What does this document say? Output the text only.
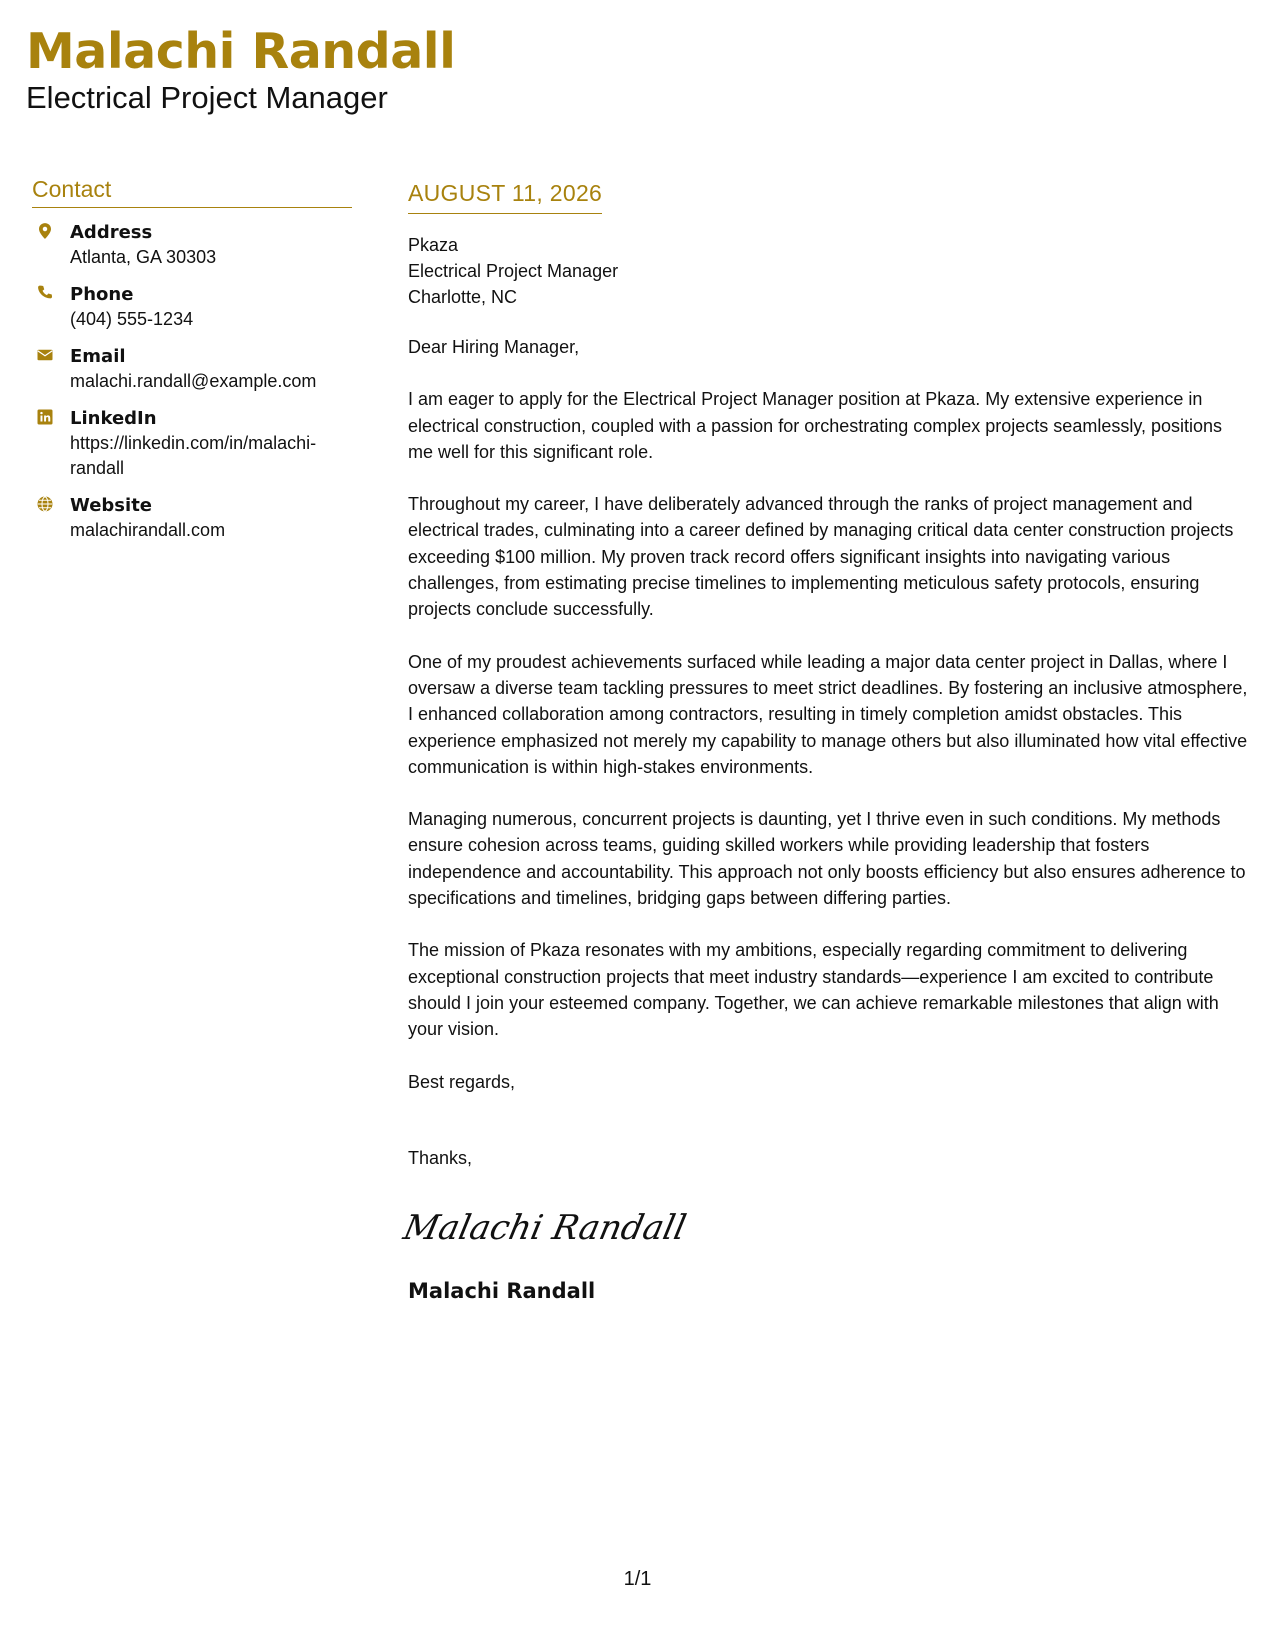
Malachi Randall
Electrical Project Manager
Contact
Address
Atlanta, GA 30303
Phone
(404) 555-1234
Email
malachi.randall@example.com
LinkedIn
https://linkedin.com/in/malachi-randall
Website
malachirandall.com
AUGUST 11, 2026
Pkaza
Electrical Project Manager
Charlotte, NC
Dear Hiring Manager,
I am eager to apply for the Electrical Project Manager position at Pkaza. My extensive experience in electrical construction, coupled with a passion for orchestrating complex projects seamlessly, positions me well for this significant role.
Throughout my career, I have deliberately advanced through the ranks of project management and electrical trades, culminating into a career defined by managing critical data center construction projects exceeding $100 million. My proven track record offers significant insights into navigating various challenges, from estimating precise timelines to implementing meticulous safety protocols, ensuring projects conclude successfully.
One of my proudest achievements surfaced while leading a major data center project in Dallas, where I oversaw a diverse team tackling pressures to meet strict deadlines. By fostering an inclusive atmosphere, I enhanced collaboration among contractors, resulting in timely completion amidst obstacles. This experience emphasized not merely my capability to manage others but also illuminated how vital effective communication is within high-stakes environments.
Managing numerous, concurrent projects is daunting, yet I thrive even in such conditions. My methods ensure cohesion across teams, guiding skilled workers while providing leadership that fosters independence and accountability. This approach not only boosts efficiency but also ensures adherence to specifications and timelines, bridging gaps between differing parties.
The mission of Pkaza resonates with my ambitions, especially regarding commitment to delivering exceptional construction projects that meet industry standards—experience I am excited to contribute should I join your esteemed company. Together, we can achieve remarkable milestones that align with your vision.
Best regards,
Thanks,
Malachi Randall
Malachi Randall
1/1
